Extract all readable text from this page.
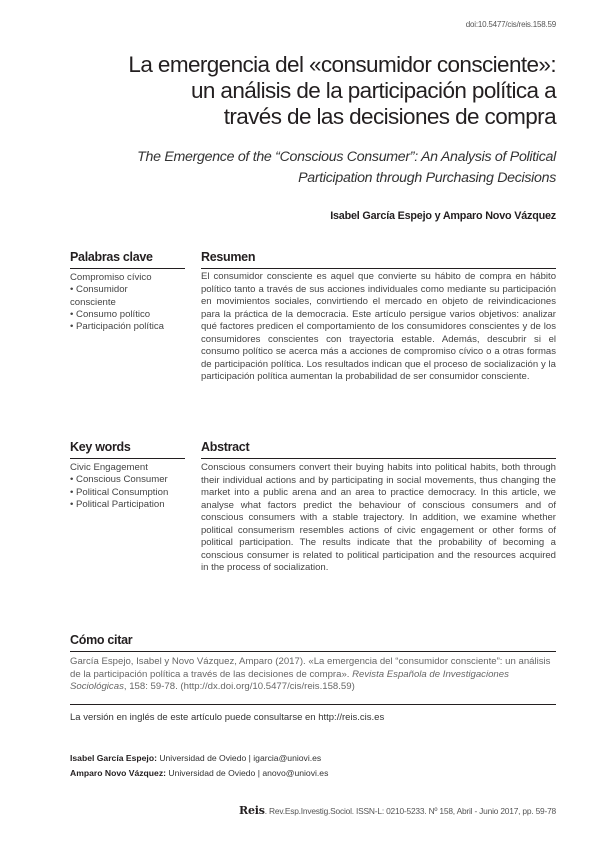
doi:10.5477/cis/reis.158.59
La emergencia del «consumidor consciente»:
un análisis de la participación política a
través de las decisiones de compra
The Emergence of the “Conscious Consumer”: An Analysis of Political
Participation through Purchasing Decisions
Isabel García Espejo y Amparo Novo Vázquez
Palabras clave
Compromiso cívico
• Consumidor
consciente
• Consumo político
• Participación política
Resumen
El consumidor consciente es aquel que convierte su hábito de compra en hábito político tanto a través de sus acciones individuales como mediante su participación en movimientos sociales, convirtiendo el mercado en objeto de reivindicaciones para la práctica de la democracia. Este artículo persigue varios objetivos: analizar qué factores predicen el comportamiento de los consumidores conscientes y de los consumidores conscientes con trayectoria estable. Además, descubrir si el consumo político se acerca más a acciones de compromiso cívico o a otras formas de participación política. Los resultados indican que el proceso de socialización y la participación política aumentan la probabilidad de ser consumidor consciente.
Key words
Civic Engagement
• Conscious Consumer
• Political Consumption
• Political Participation
Abstract
Conscious consumers convert their buying habits into political habits, both through their individual actions and by participating in social movements, thus changing the market into a public arena and an area to practice democracy. In this article, we analyse what factors predict the behaviour of conscious consumers and of conscious consumers with a stable trajectory. In addition, we examine whether political consumerism resembles actions of civic engagement or other forms of political participation. The results indicate that the probability of becoming a conscious consumer is related to political participation and the resources acquired in the process of socialization.
Cómo citar
García Espejo, Isabel y Novo Vázquez, Amparo (2017). «La emergencia del “consumidor consciente”: un análisis de la participación política a través de las decisiones de compra». Revista Española de Investigaciones Sociológicas, 158: 59-78. (http://dx.doi.org/10.5477/cis/reis.158.59)
La versión en inglés de este artículo puede consultarse en http://reis.cis.es
Isabel García Espejo: Universidad de Oviedo | igarcia@uniovi.es
Amparo Novo Vázquez: Universidad de Oviedo | anovo@uniovi.es
Reis. Rev.Esp.Investig.Sociol. ISSN-L: 0210-5233. Nº 158, Abril - Junio 2017, pp. 59-78
